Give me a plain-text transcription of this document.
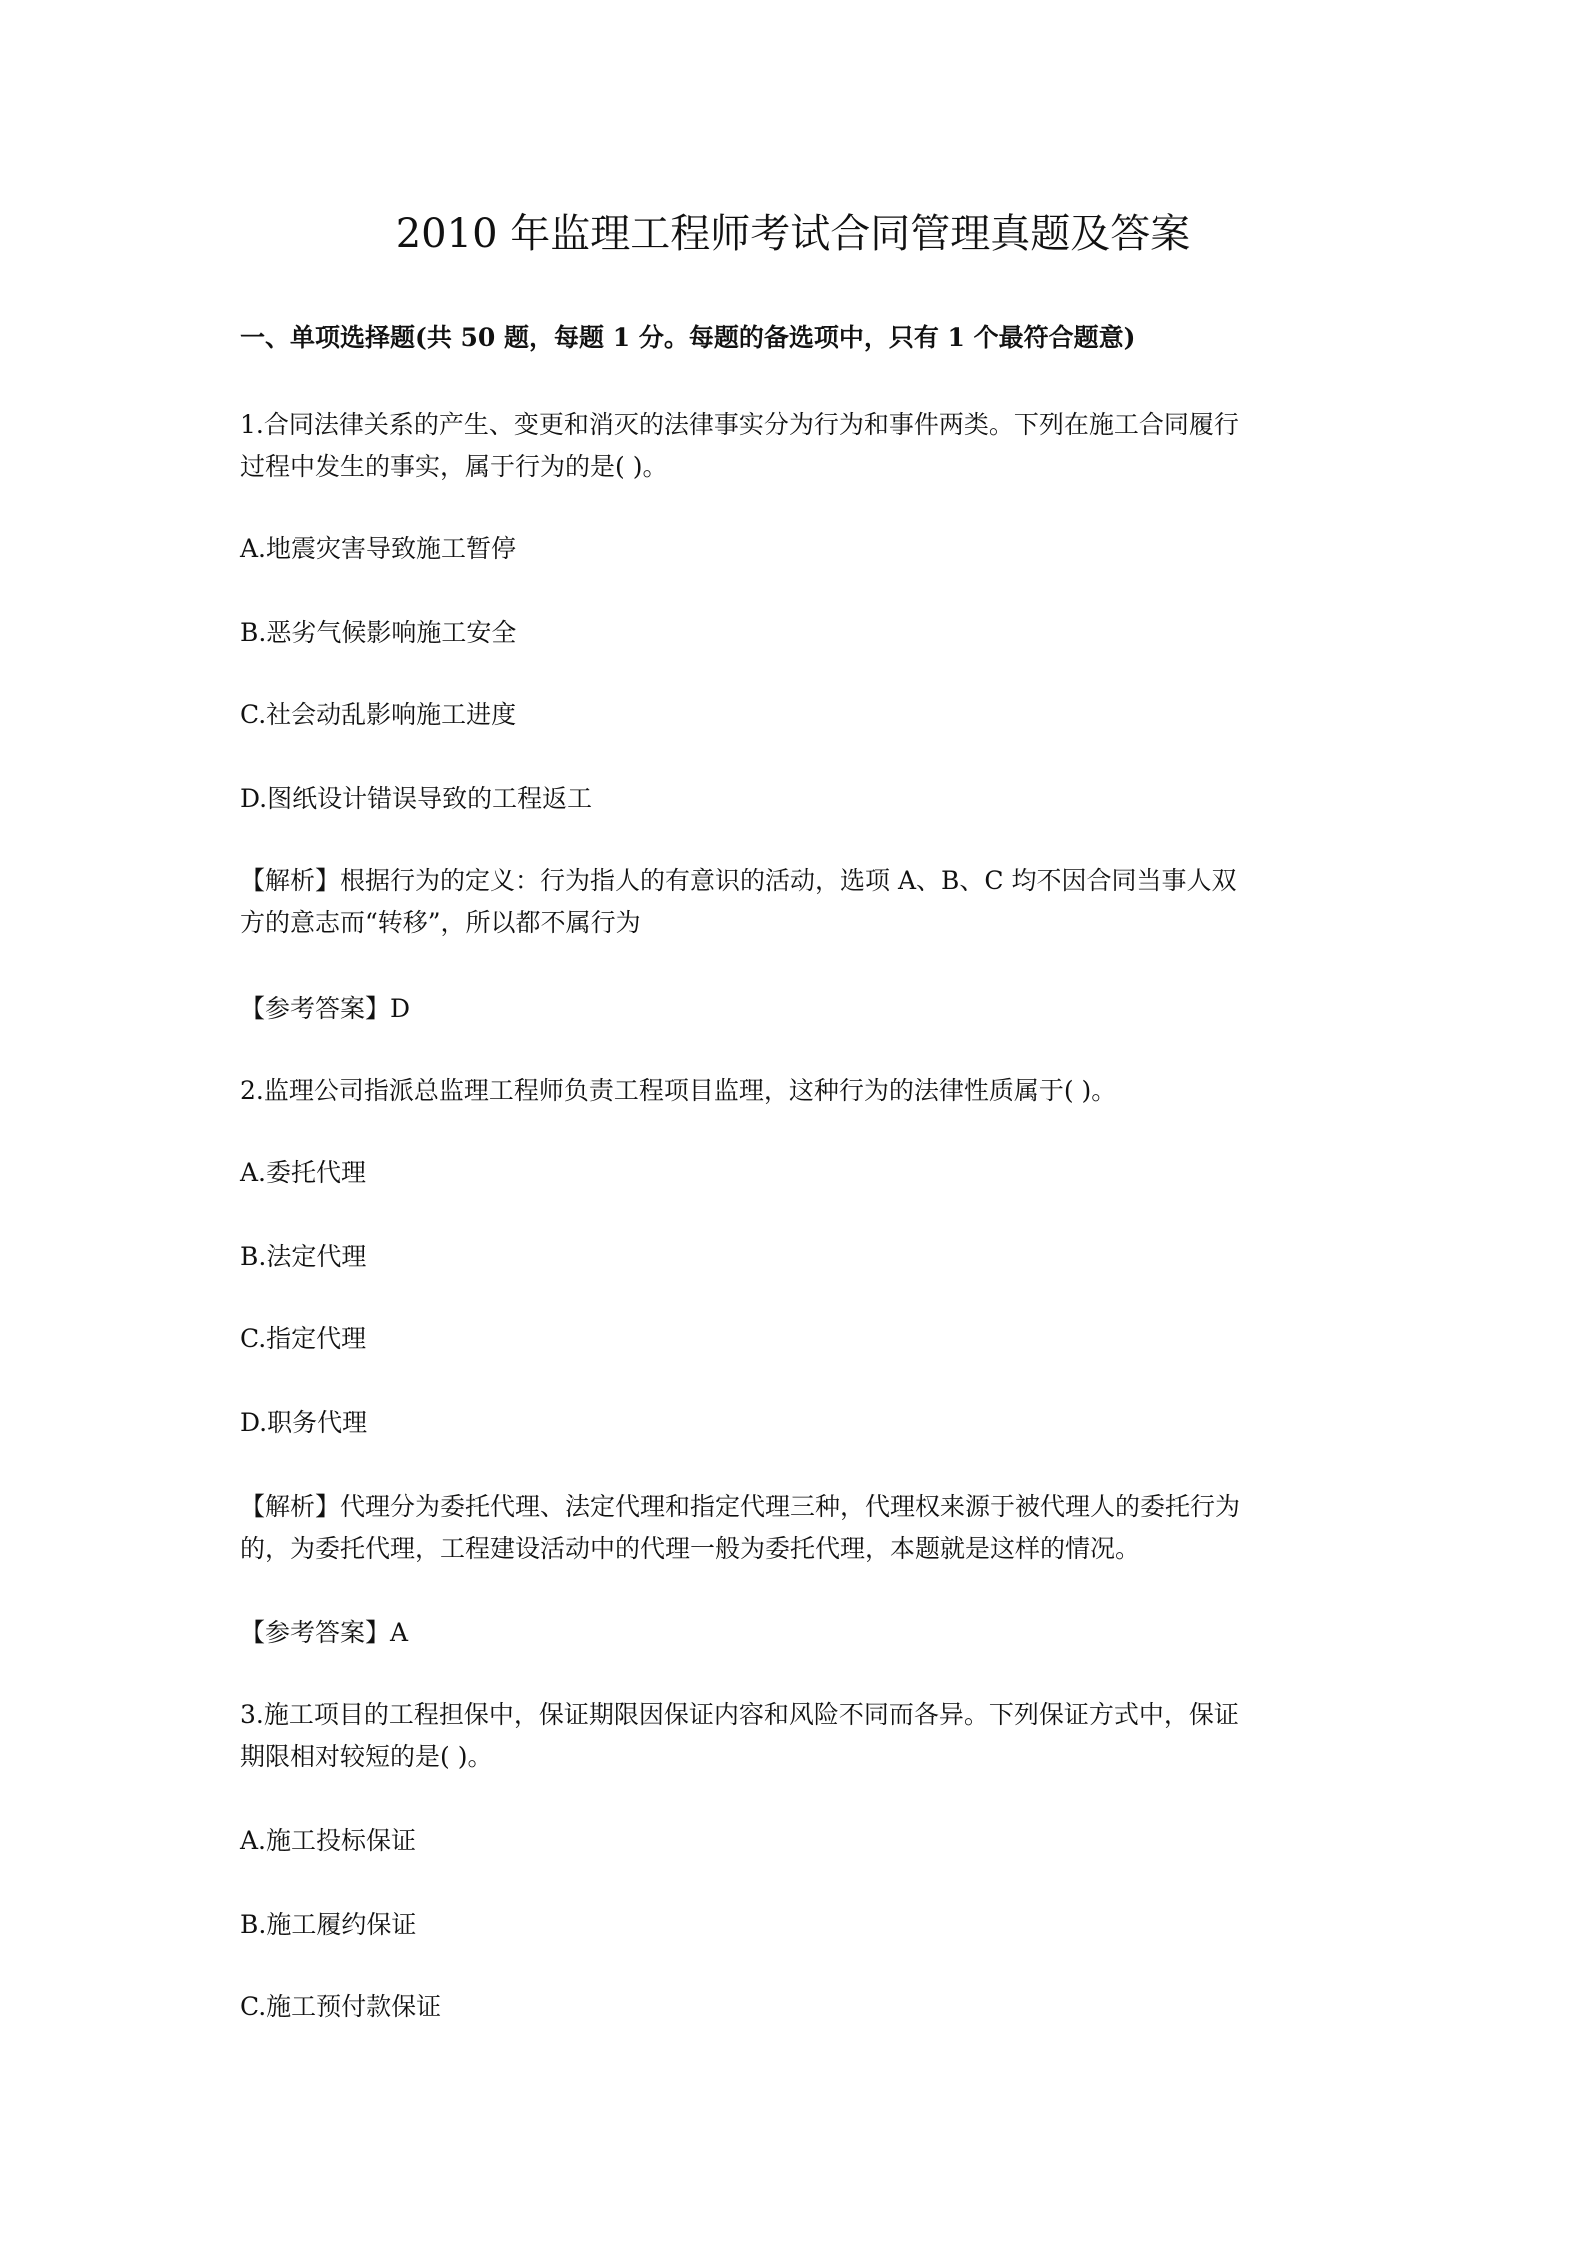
2010 年监理工程师考试合同管理真题及答案

一、单项选择题(共 50 题，每题 1 分。每题的备选项中，只有 1 个最符合题意)

1.合同法律关系的产生、变更和消灭的法律事实分为行为和事件两类。下列在施工合同履行
过程中发生的事实，属于行为的是( )。

A.地震灾害导致施工暂停

B.恶劣气候影响施工安全

C.社会动乱影响施工进度

D.图纸设计错误导致的工程返工

【解析】根据行为的定义：行为指人的有意识的活动，选项 A、B、C 均不因合同当事人双
方的意志而“转移”，所以都不属行为

【参考答案】D

2.监理公司指派总监理工程师负责工程项目监理，这种行为的法律性质属于( )。

A.委托代理

B.法定代理

C.指定代理

D.职务代理

【解析】代理分为委托代理、法定代理和指定代理三种，代理权来源于被代理人的委托行为
的，为委托代理，工程建设活动中的代理一般为委托代理，本题就是这样的情况。

【参考答案】A

3.施工项目的工程担保中，保证期限因保证内容和风险不同而各异。下列保证方式中，保证
期限相对较短的是( )。

A.施工投标保证

B.施工履约保证

C.施工预付款保证
